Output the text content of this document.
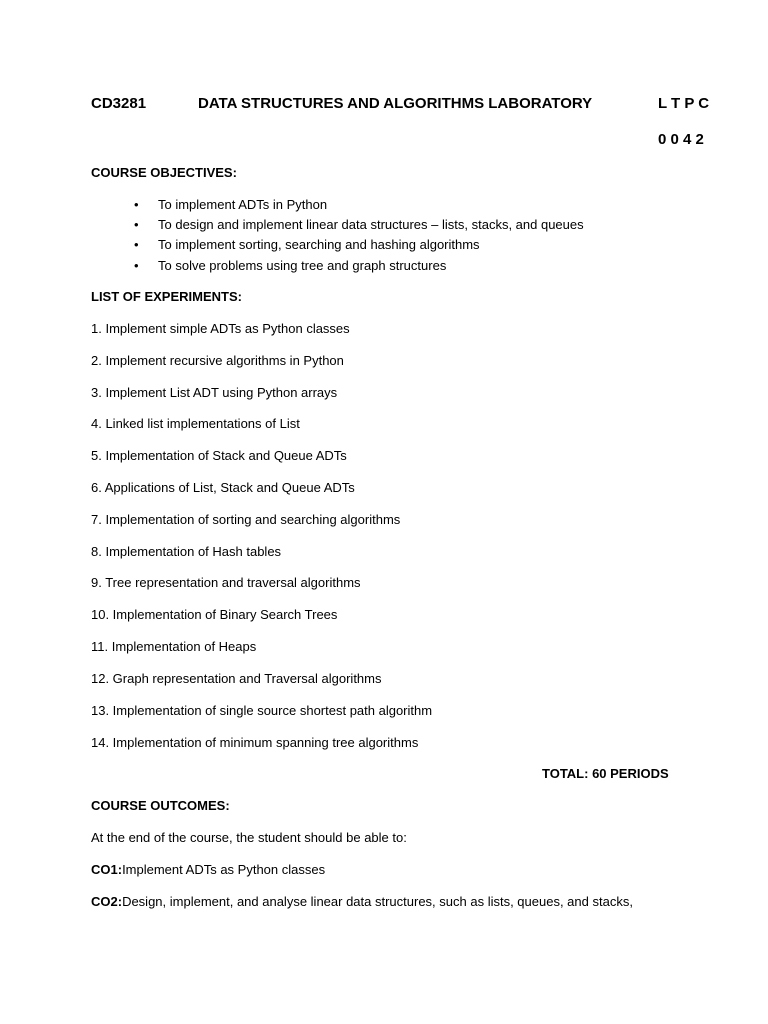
CD3281	DATA STRUCTURES AND ALGORITHMS LABORATORY	L T P C
0 0 4 2
COURSE OBJECTIVES:
•	To implement ADTs in Python
•	To design and implement linear data structures – lists, stacks, and queues
•	To implement sorting, searching and hashing algorithms
•	To solve problems using tree and graph structures
LIST OF EXPERIMENTS:
1. Implement simple ADTs as Python classes
2. Implement recursive algorithms in Python
3. Implement List ADT using Python arrays
4. Linked list implementations of List
5. Implementation of Stack and Queue ADTs
6. Applications of List, Stack and Queue ADTs
7. Implementation of sorting and searching algorithms
8. Implementation of Hash tables
9. Tree representation and traversal algorithms
10. Implementation of Binary Search Trees
11. Implementation of Heaps
12. Graph representation and Traversal algorithms
13. Implementation of single source shortest path algorithm
14. Implementation of minimum spanning tree algorithms
TOTAL: 60 PERIODS
COURSE OUTCOMES:
At the end of the course, the student should be able to:
CO1:Implement ADTs as Python classes
CO2:Design, implement, and analyse linear data structures, such as lists, queues, and stacks,
